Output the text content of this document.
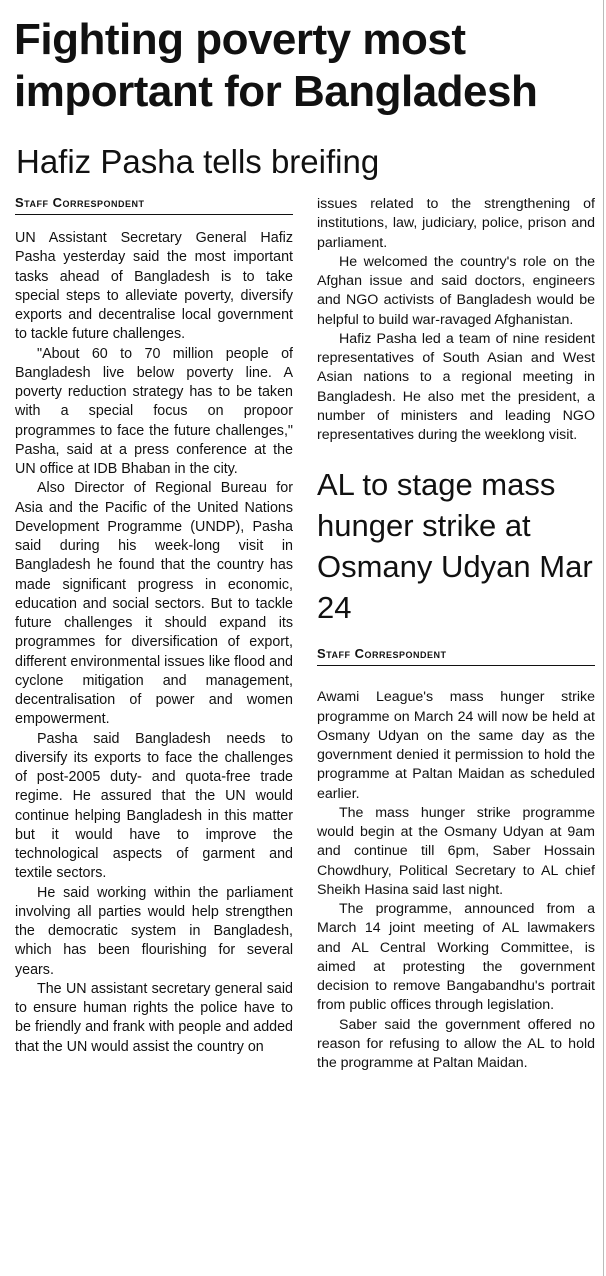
Fighting poverty most important for Bangladesh
Hafiz Pasha tells breifing
Staff Correspondent

UN Assistant Secretary General Hafiz Pasha yesterday said the most important tasks ahead of Bangladesh is to take special steps to alleviate poverty, diversify exports and decentralise local government to tackle future challenges.

"About 60 to 70 million people of Bangladesh live below poverty line. A poverty reduction strategy has to be taken with a special focus on propoor programmes to face the future challenges," Pasha, said at a press conference at the UN office at IDB Bhaban in the city.

Also Director of Regional Bureau for Asia and the Pacific of the United Nations Development Programme (UNDP), Pasha said during his week-long visit in Bangladesh he found that the country has made significant progress in economic, education and social sectors. But to tackle future challenges it should expand its programmes for diversification of export, different environmental issues like flood and cyclone mitigation and management, decentralisation of power and women empowerment.

Pasha said Bangladesh needs to diversify its exports to face the challenges of post-2005 duty- and quota-free trade regime. He assured that the UN would continue helping Bangladesh in this matter but it would have to improve the technological aspects of garment and textile sectors.

He said working within the parliament involving all parties would help strengthen the democratic system in Bangladesh, which has been flourishing for several years.

The UN assistant secretary general said to ensure human rights the police have to be friendly and frank with people and added that the UN would assist the country on

issues related to the strengthening of institutions, law, judiciary, police, prison and parliament.

He welcomed the country's role on the Afghan issue and said doctors, engineers and NGO activists of Bangladesh would be helpful to build war-ravaged Afghanistan.

Hafiz Pasha led a team of nine resident representatives of South Asian and West Asian nations to a regional meeting in Bangladesh. He also met the president, a number of ministers and leading NGO representatives during the weeklong visit.

AL to stage mass hunger strike at Osmany Udyan Mar 24
Staff Correspondent

Awami League's mass hunger strike programme on March 24 will now be held at Osmany Udyan on the same day as the government denied it permission to hold the programme at Paltan Maidan as scheduled earlier.

The mass hunger strike programme would begin at the Osmany Udyan at 9am and continue till 6pm, Saber Hossain Chowdhury, Political Secretary to AL chief Sheikh Hasina said last night.

The programme, announced from a March 14 joint meeting of AL lawmakers and AL Central Working Committee, is aimed at protesting the government decision to remove Bangabandhu's portrait from public offices through legislation.

Saber said the government offered no reason for refusing to allow the AL to hold the programme at Paltan Maidan.
